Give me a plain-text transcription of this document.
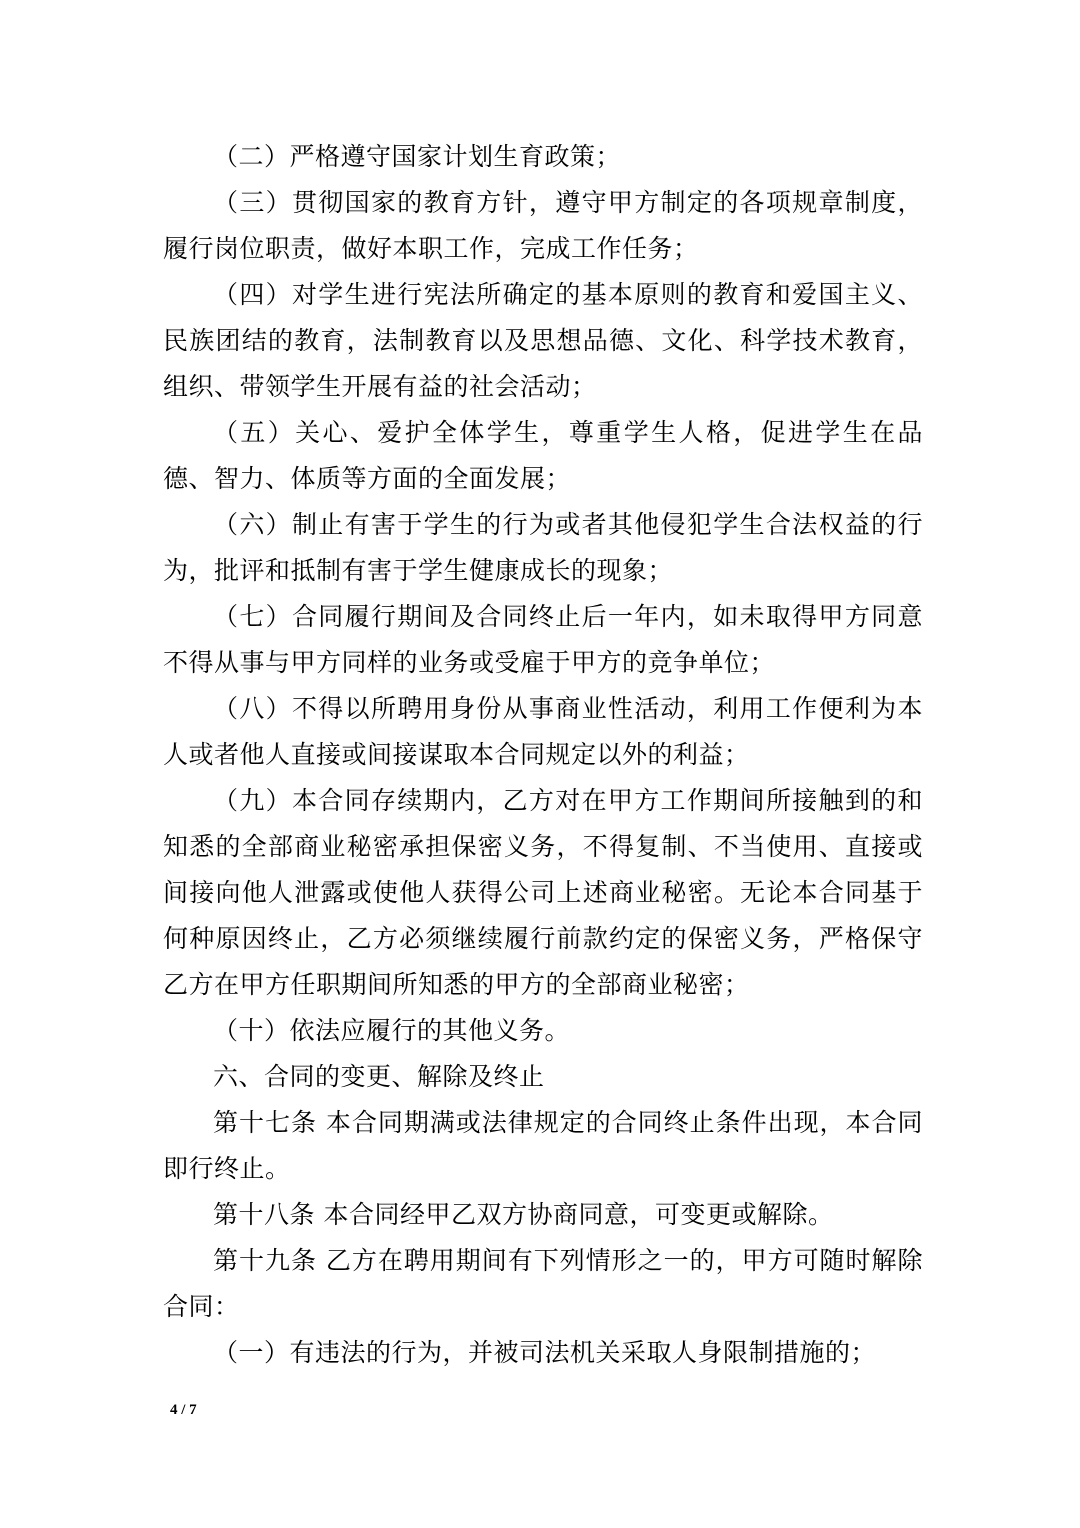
（二）严格遵守国家计划生育政策；

（三）贯彻国家的教育方针，遵守甲方制定的各项规章制度，履行岗位职责，做好本职工作，完成工作任务；

（四）对学生进行宪法所确定的基本原则的教育和爱国主义、民族团结的教育，法制教育以及思想品德、文化、科学技术教育，组织、带领学生开展有益的社会活动；

（五）关心、爱护全体学生，尊重学生人格，促进学生在品德、智力、体质等方面的全面发展；

（六）制止有害于学生的行为或者其他侵犯学生合法权益的行为，批评和抵制有害于学生健康成长的现象；

（七）合同履行期间及合同终止后一年内，如未取得甲方同意不得从事与甲方同样的业务或受雇于甲方的竞争单位；

（八）不得以所聘用身份从事商业性活动，利用工作便利为本人或者他人直接或间接谋取本合同规定以外的利益；

（九）本合同存续期内，乙方对在甲方工作期间所接触到的和知悉的全部商业秘密承担保密义务，不得复制、不当使用、直接或间接向他人泄露或使他人获得公司上述商业秘密。无论本合同基于何种原因终止，乙方必须继续履行前款约定的保密义务，严格保守乙方在甲方任职期间所知悉的甲方的全部商业秘密；

（十）依法应履行的其他义务。

六、合同的变更、解除及终止

第十七条 本合同期满或法律规定的合同终止条件出现，本合同即行终止。

第十八条 本合同经甲乙双方协商同意，可变更或解除。

第十九条 乙方在聘用期间有下列情形之一的，甲方可随时解除合同：

（一）有违法的行为，并被司法机关采取人身限制措施的；

4 / 7
